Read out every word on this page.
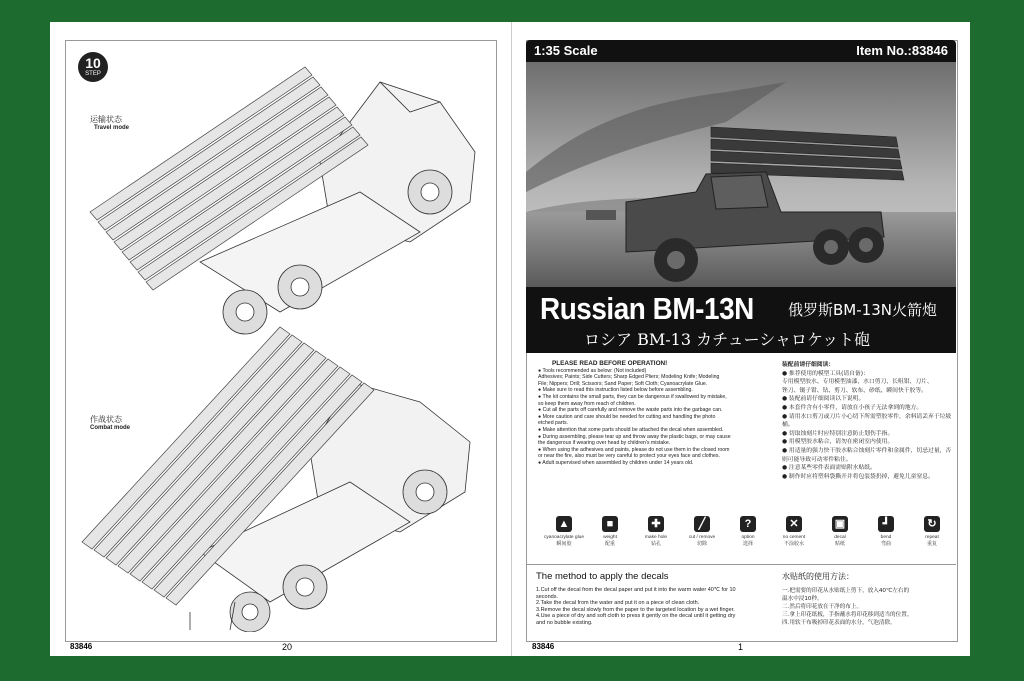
10
STEP
运输状态
Travel mode
作战状态
Combat mode
83846	20
1:35 Scale	Item No.:83846
Russian BM-13N 俄罗斯BM-13N火箭炮
ロシア BM-13 カチューシャロケット砲

PLEASE READ BEFORE OPERATION!

● Tools recommended as below: (Not included)

Adhesives; Paints; Side Cutters; Sharp Edged Pliers; Modeling Knife; Modeling

File; Nippers; Drill; Scissors; Sand Paper; Soft Cloth; Cyanoacrylate Glue.

● Make sure to read this instruction listed below before assembling.

● The kit contains the small parts, they can be dangerous if swallowed by mistake,

so keep them away from reach of children.

● Cut all the parts off carefully and remove the waste parts into the garbage can.

● More caution and care should be needed for cutting and handling the photo

etched parts.

● Make attention that some parts should be attached the decal when assembled.

● During assembling, please tear up and throw away the plastic bags, or may cause

the dangerous if wearing over head by children's mistake.

● When using the adhesives and paints, please do not use them in the closed room

or near the fire, also must be very careful to protect your eyes face and clothes.

● Adult supervised when assembled by children under 14 years old.

装配前请仔细阅读：

● 推荐使用的模型工具(请自备)：

专用模型胶水、专用模型油漆，水口剪刀、长咀钳、刀片、

锉刀、镊子钳、钻、剪刀、软布、砂纸、瞬间快干胶等。

● 装配前请仔细阅读以下说明。

● 本套件含有小零件，请放在小孩子无法拿到的地方。

● 请用水口剪刀或刀片小心切下所需塑胶零件，余料请丢弃于垃圾桶。

● 切取蚀刻片时应特别注意防止划伤手指。

● 用模型胶水粘合，请勿在密闭室内使用。

● 用适量的强力快干胶水粘合蚀刻片零件和金属件，切忌过量，否则可能导致可动零件粘住。

● 注意某些零件表面需贴附水贴纸。

● 制作时应将塑料袋撕开并将包装袋扔掉，避免儿童窒息。

▲
cyanoacrylate glue
瞬间胶
■
weight
配重
✚
make hole
钻孔
╱
cut / remove
切除
?
option
选择
✕
no cement
不涂胶水
▣
decal
贴纸
┛
bend
弯曲
↻
repeat
重复
The method to apply the decals	水贴纸的使用方法：

1.Cut off the decal from the decal paper and put it into the warm water 40℃ for 10

seconds.

2.Take the decal from the water and put it on a piece of clean cloth.

3.Remove the decal slowly from the paper to the targeted location by a wet finger.

4.Use a piece of dry and soft cloth to press it gently on the decal until it getting dry

and no bubble existing.

一.把需要的印花从水贴纸上剪下，放入40℃左右的

温水中浸10秒。

二.然后将印花放在干净的布上。

三.拿上印花纸板，手指蘸水将印花移到适当的位置。

四.用软干布吸掉印花表面的水分，气泡清除。

83846	1
